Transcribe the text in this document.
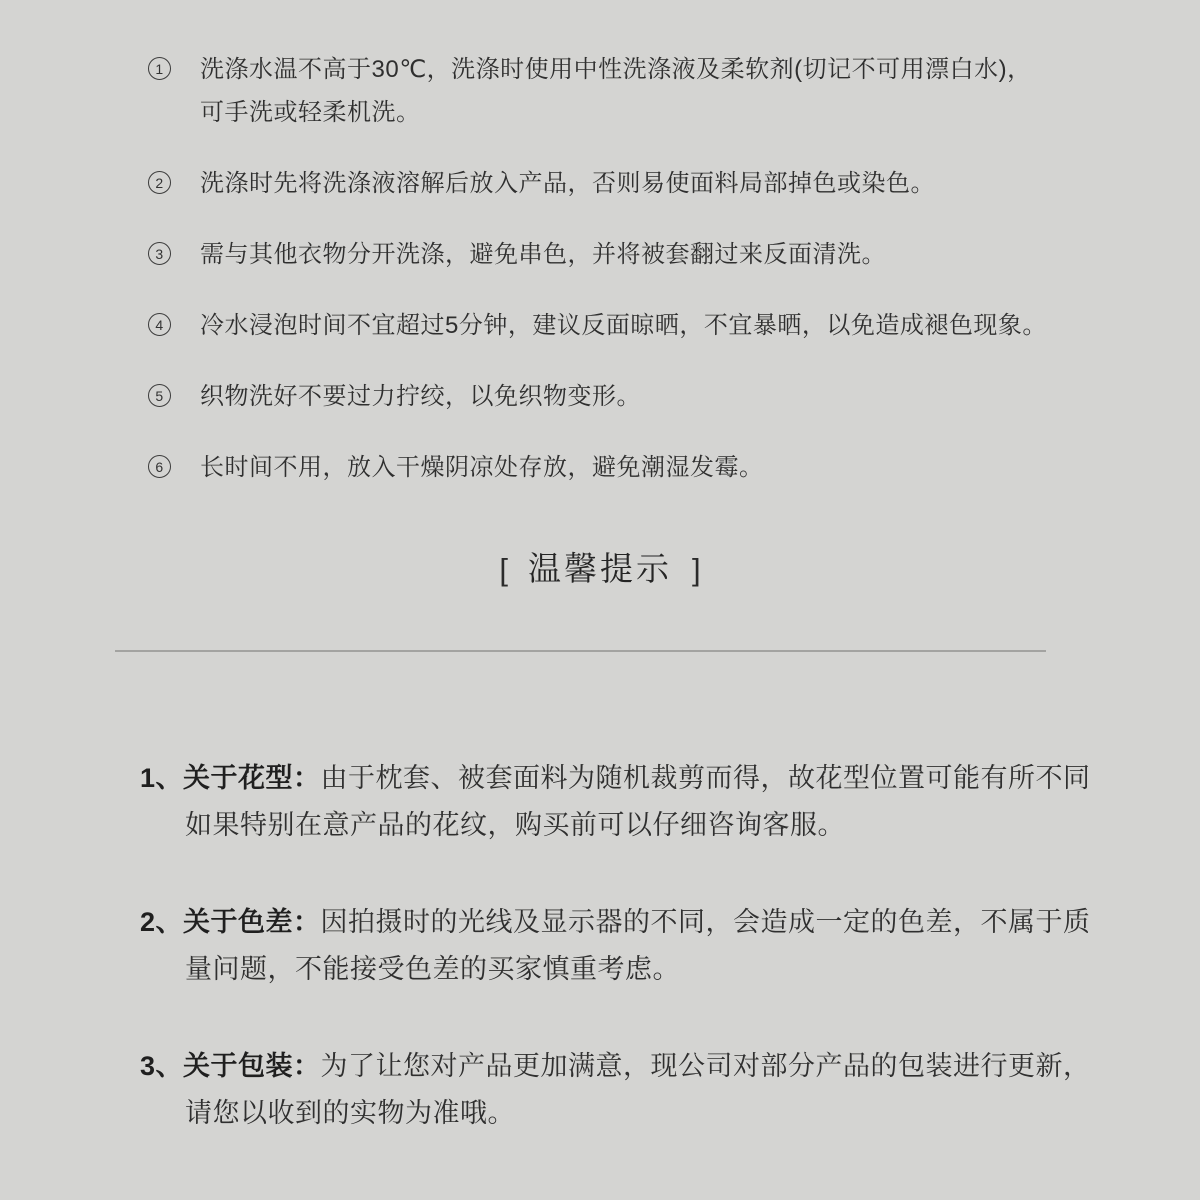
1	洗涤水温不高于30℃，洗涤时使用中性洗涤液及柔软剂(切记不可用漂白水)，
可手洗或轻柔机洗。
2	洗涤时先将洗涤液溶解后放入产品，否则易使面料局部掉色或染色。
3	需与其他衣物分开洗涤，避免串色，并将被套翻过来反面清洗。
4	冷水浸泡时间不宜超过5分钟，建议反面晾晒，不宜暴晒，以免造成褪色现象。
5	织物洗好不要过力拧绞，以免织物变形。
6	长时间不用，放入干燥阴凉处存放，避免潮湿发霉。
[ 温馨提示 ]
1、关于花型：由于枕套、被套面料为随机裁剪而得，故花型位置可能有所不同
如果特别在意产品的花纹，购买前可以仔细咨询客服。
2、关于色差：因拍摄时的光线及显示器的不同，会造成一定的色差，不属于质
量问题，不能接受色差的买家慎重考虑。
3、关于包装：为了让您对产品更加满意，现公司对部分产品的包装进行更新，
请您以收到的实物为准哦。
